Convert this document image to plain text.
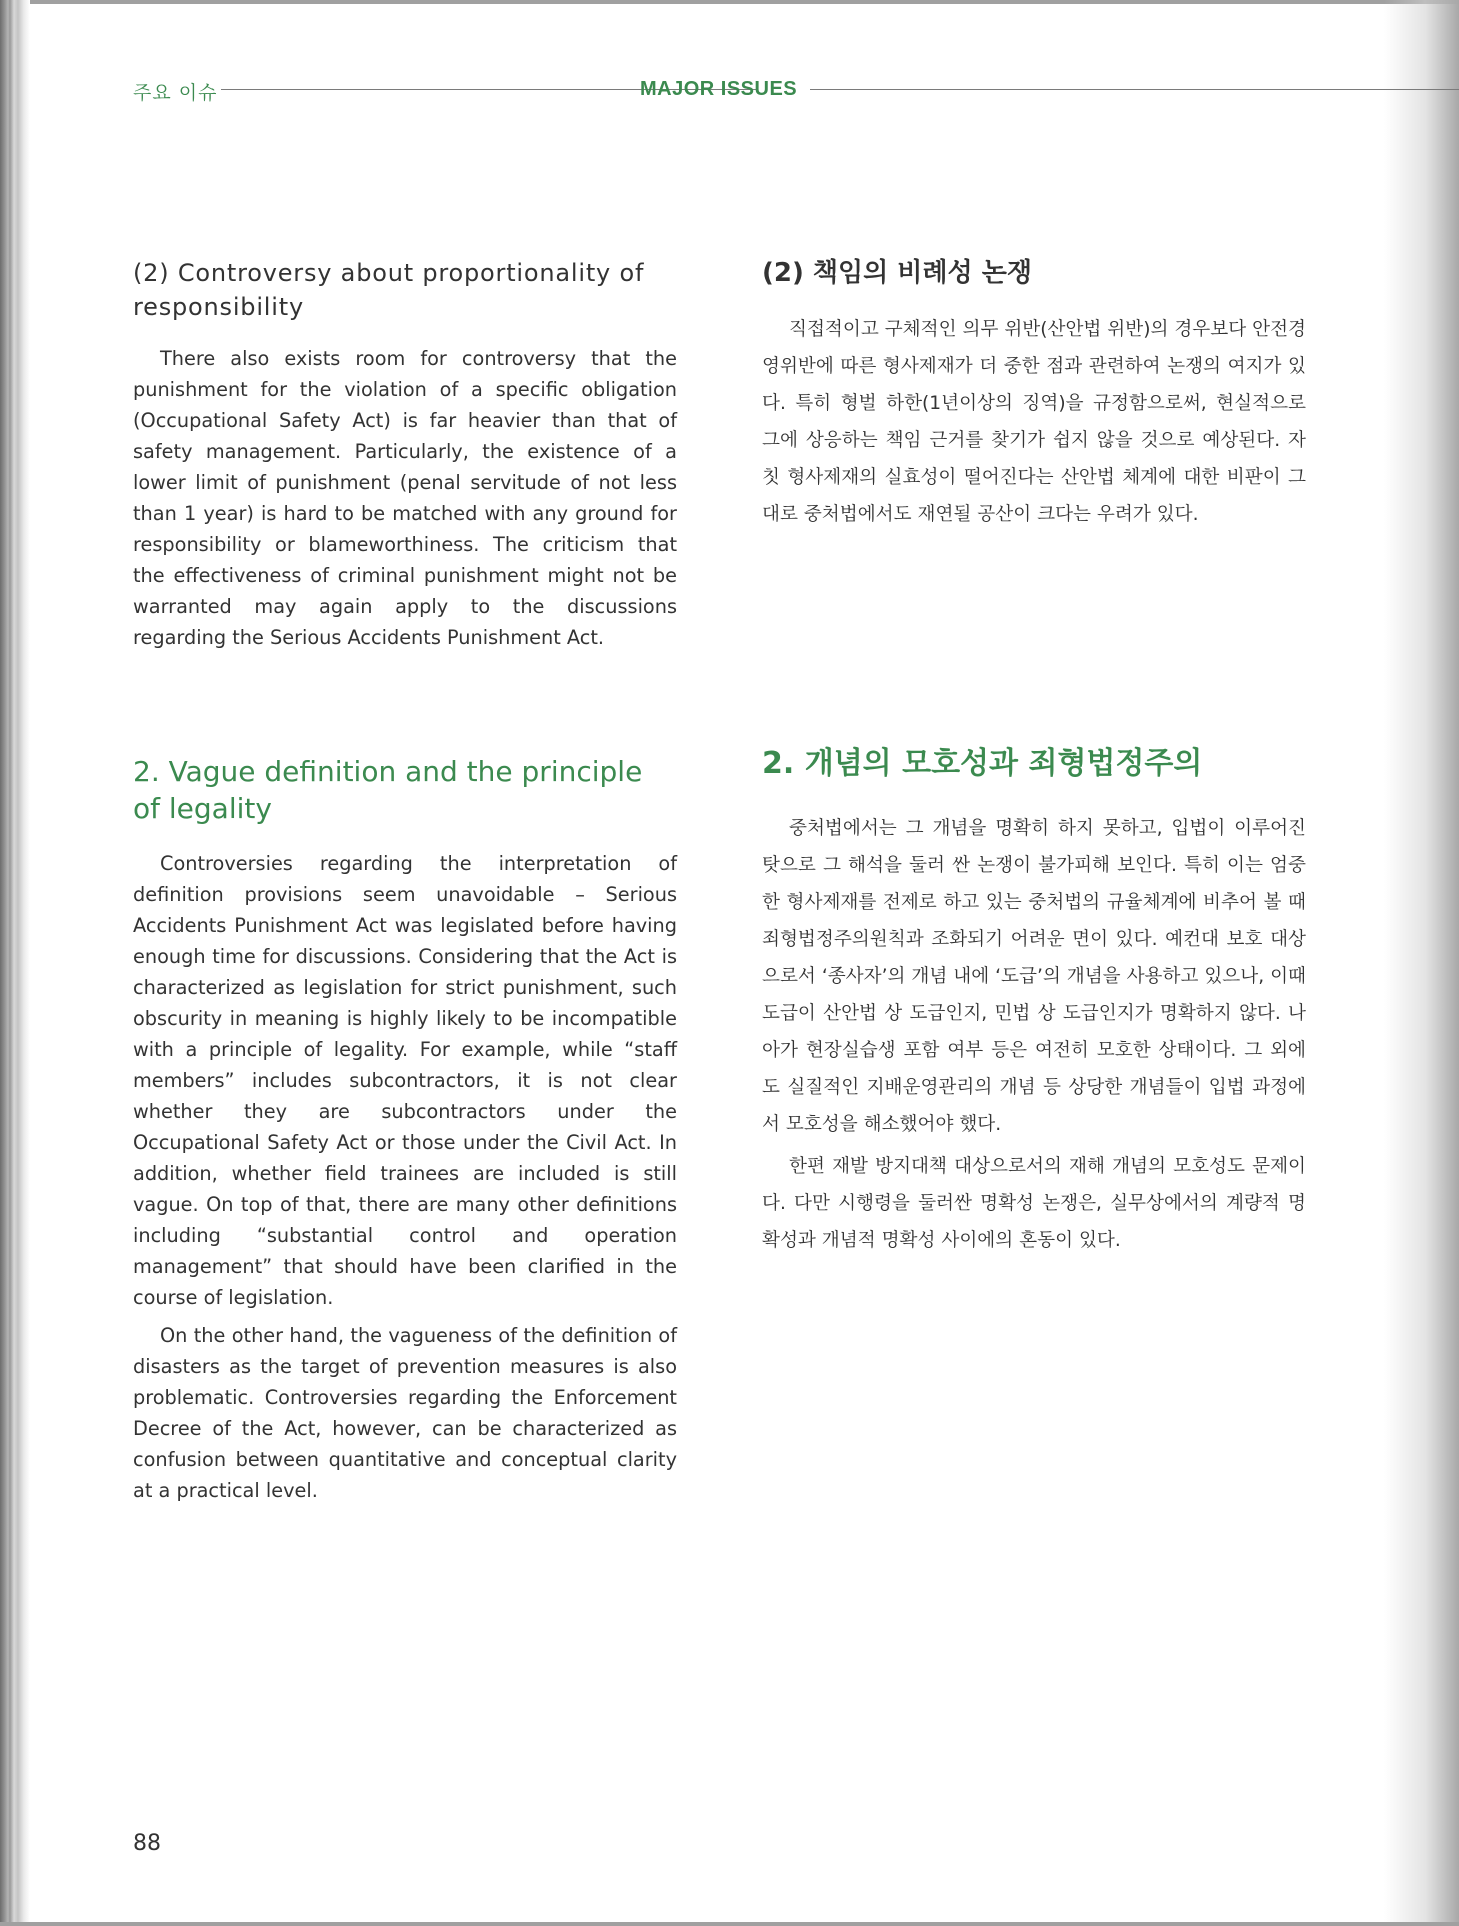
주요 이슈	MAJOR ISSUES
(2) Controversy about proportionality of responsibility

There also exists room for controversy that the punishment for the violation of a specific obligation (Occupational Safety Act) is far heavier than that of safety management. Particularly, the existence of a lower limit of punishment (penal servitude of not less than 1 year) is hard to be matched with any ground for responsibility or blameworthiness. The criticism that the effectiveness of criminal punishment might not be warranted may again apply to the discussions regarding the Serious Accidents Punishment Act.

(2) 책임의 비례성 논쟁

직접적이고 구체적인 의무 위반(산안법 위반)의 경우보다 안전경영위반에 따른 형사제재가 더 중한 점과 관련하여 논쟁의 여지가 있다. 특히 형벌 하한(1년이상의 징역)을 규정함으로써, 현실적으로 그에 상응하는 책임 근거를 찾기가 쉽지 않을 것으로 예상된다. 자칫 형사제재의 실효성이 떨어진다는 산안법 체계에 대한 비판이 그대로 중처법에서도 재연될 공산이 크다는 우려가 있다.

2. Vague definition and the principle of legality

Controversies regarding the interpretation of definition provisions seem unavoidable – Serious Accidents Punishment Act was legislated before having enough time for discussions. Considering that the Act is characterized as legislation for strict punishment, such obscurity in meaning is highly likely to be incompatible with a principle of legality. For example, while “staff members” includes subcontractors, it is not clear whether they are subcontractors under the Occupational Safety Act or those under the Civil Act. In addition, whether field trainees are included is still vague. On top of that, there are many other definitions including “substantial control and operation management” that should have been clarified in the course of legislation.

On the other hand, the vagueness of the definition of disasters as the target of prevention measures is also problematic. Controversies regarding the Enforcement Decree of the Act, however, can be characterized as confusion between quantitative and conceptual clarity at a practical level.

2. 개념의 모호성과 죄형법정주의

중처법에서는 그 개념을 명확히 하지 못하고, 입법이 이루어진 탓으로 그 해석을 둘러 싼 논쟁이 불가피해 보인다. 특히 이는 엄중한 형사제재를 전제로 하고 있는 중처법의 규율체계에 비추어 볼 때 죄형법정주의원칙과 조화되기 어려운 면이 있다. 예컨대 보호 대상으로서 ‘종사자’의 개념 내에 ‘도급’의 개념을 사용하고 있으나, 이때 도급이 산안법 상 도급인지, 민법 상 도급인지가 명확하지 않다. 나아가 현장실습생 포함 여부 등은 여전히 모호한 상태이다. 그 외에도 실질적인 지배운영관리의 개념 등 상당한 개념들이 입법 과정에서 모호성을 해소했어야 했다.

한편 재발 방지대책 대상으로서의 재해 개념의 모호성도 문제이다. 다만 시행령을 둘러싼 명확성 논쟁은, 실무상에서의 계량적 명확성과 개념적 명확성 사이에의 혼동이 있다.

88
